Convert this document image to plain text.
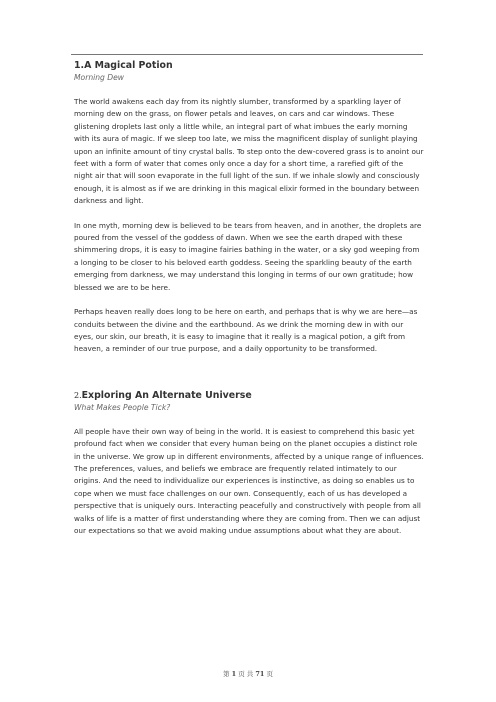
1.A Magical Potion

Morning Dew

The world awakens each day from its nightly slumber, transformed by a sparkling layer of morning dew on the grass, on flower petals and leaves, on cars and car windows. These glistening droplets last only a little while, an integral part of what imbues the early morning with its aura of magic. If we sleep too late, we miss the magnificent display of sunlight playing upon an infinite amount of tiny crystal balls. To step onto the dew-covered grass is to anoint our feet with a form of water that comes only once a day for a short time, a rarefied gift of the night air that will soon evaporate in the full light of the sun. If we inhale slowly and consciously enough, it is almost as if we are drinking in this magical elixir formed in the boundary between darkness and light.

In one myth, morning dew is believed to be tears from heaven, and in another, the droplets are poured from the vessel of the goddess of dawn. When we see the earth draped with these shimmering drops, it is easy to imagine fairies bathing in the water, or a sky god weeping from a longing to be closer to his beloved earth goddess. Seeing the sparkling beauty of the earth emerging from darkness, we may understand this longing in terms of our own gratitude; how blessed we are to be here.

Perhaps heaven really does long to be here on earth, and perhaps that is why we are here—as conduits between the divine and the earthbound. As we drink the morning dew in with our eyes, our skin, our breath, it is easy to imagine that it really is a magical potion, a gift from heaven, a reminder of our true purpose, and a daily opportunity to be transformed.

2.Exploring An Alternate Universe

What Makes People Tick?

All people have their own way of being in the world. It is easiest to comprehend this basic yet profound fact when we consider that every human being on the planet occupies a distinct role in the universe. We grow up in different environments, affected by a unique range of influences. The preferences, values, and beliefs we embrace are frequently related intimately to our origins. And the need to individualize our experiences is instinctive, as doing so enables us to cope when we must face challenges on our own. Consequently, each of us has developed a perspective that is uniquely ours. Interacting peacefully and constructively with people from all walks of life is a matter of first understanding where they are coming from. Then we can adjust our expectations so that we avoid making undue assumptions about what they are about.

第 1 页 共 71 页
